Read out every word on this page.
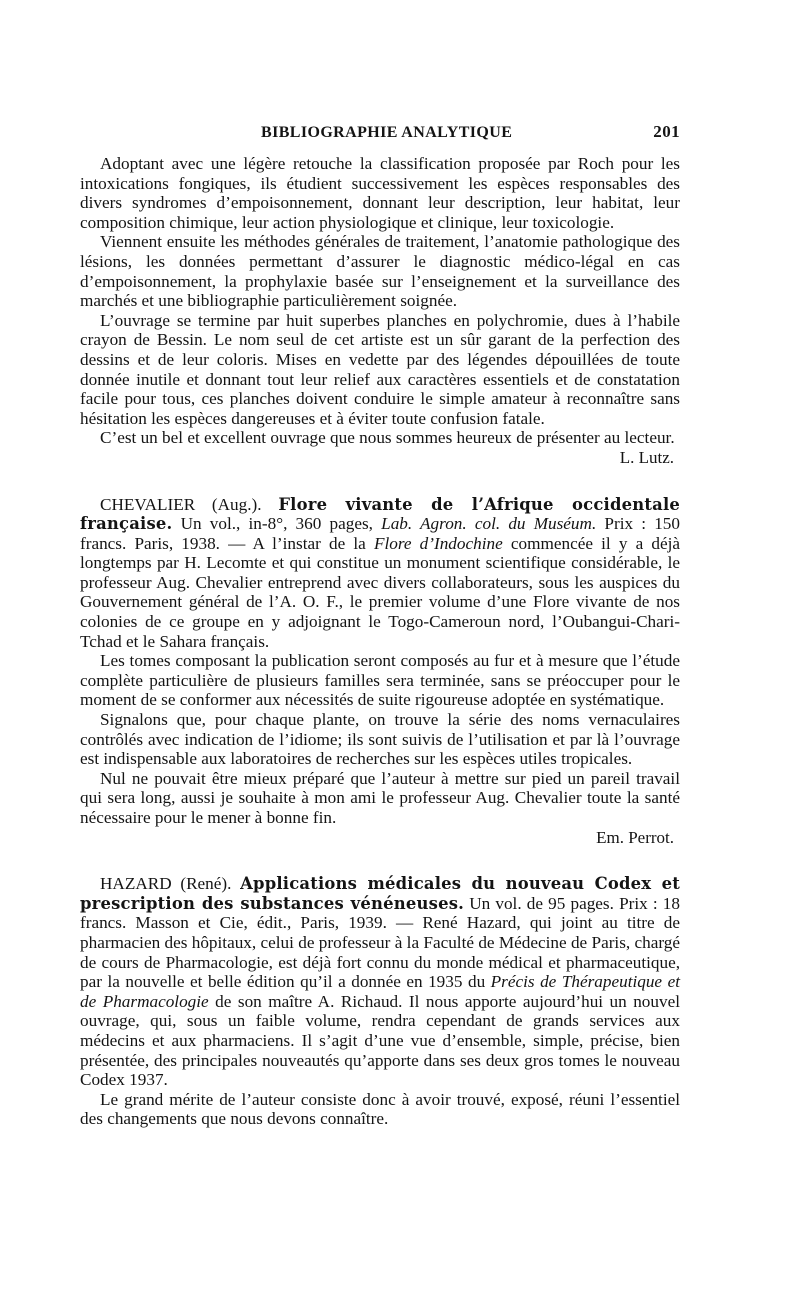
BIBLIOGRAPHIE ANALYTIQUE	201

Adoptant avec une légère retouche la classification proposée par Roch pour les intoxications fongiques, ils étudient successivement les espèces responsables des divers syndromes d’empoisonnement, donnant leur description, leur habitat, leur composition chimique, leur action physiologique et clinique, leur toxicologie.

Viennent ensuite les méthodes générales de traitement, l’anatomie pathologique des lésions, les données permettant d’assurer le diagnostic médico-légal en cas d’empoisonnement, la prophylaxie basée sur l’enseignement et la surveillance des marchés et une bibliographie particulièrement soignée.

L’ouvrage se termine par huit superbes planches en polychromie, dues à l’habile crayon de Bessin. Le nom seul de cet artiste est un sûr garant de la perfection des dessins et de leur coloris. Mises en vedette par des légendes dépouillées de toute donnée inutile et donnant tout leur relief aux caractères essentiels et de constatation facile pour tous, ces planches doivent conduire le simple amateur à reconnaître sans hésitation les espèces dangereuses et à éviter toute confusion fatale.

C’est un bel et excellent ouvrage que nous sommes heureux de présenter au lecteur.

L. Lutz.

CHEVALIER (Aug.). Flore vivante de l’Afrique occidentale française. Un vol., in-8°, 360 pages, Lab. Agron. col. du Muséum. Prix : 150 francs. Paris, 1938. — A l’instar de la Flore d’Indochine commencée il y a déjà longtemps par H. Lecomte et qui constitue un monument scientifique considérable, le professeur Aug. Chevalier entreprend avec divers collaborateurs, sous les auspices du Gouvernement général de l’A. O. F., le premier volume d’une Flore vivante de nos colonies de ce groupe en y adjoignant le Togo-Cameroun nord, l’Oubangui-Chari-Tchad et le Sahara français.

Les tomes composant la publication seront composés au fur et à mesure que l’étude complète particulière de plusieurs familles sera terminée, sans se préoccuper pour le moment de se conformer aux nécessités de suite rigoureuse adoptée en systématique.

Signalons que, pour chaque plante, on trouve la série des noms vernaculaires contrôlés avec indication de l’idiome; ils sont suivis de l’utilisation et par là l’ouvrage est indispensable aux laboratoires de recherches sur les espèces utiles tropicales.

Nul ne pouvait être mieux préparé que l’auteur à mettre sur pied un pareil travail qui sera long, aussi je souhaite à mon ami le professeur Aug. Chevalier toute la santé nécessaire pour le mener à bonne fin.

Em. Perrot.

HAZARD (René). Applications médicales du nouveau Codex et prescription des substances vénéneuses. Un vol. de 95 pages. Prix : 18 francs. Masson et Cie, édit., Paris, 1939. — René Hazard, qui joint au titre de pharmacien des hôpitaux, celui de professeur à la Faculté de Médecine de Paris, chargé de cours de Pharmacologie, est déjà fort connu du monde médical et pharmaceutique, par la nouvelle et belle édition qu’il a donnée en 1935 du Précis de Thérapeutique et de Pharmacologie de son maître A. Richaud. Il nous apporte aujourd’hui un nouvel ouvrage, qui, sous un faible volume, rendra cependant de grands services aux médecins et aux pharmaciens. Il s’agit d’une vue d’ensemble, simple, précise, bien présentée, des principales nouveautés qu’apporte dans ses deux gros tomes le nouveau Codex 1937.

Le grand mérite de l’auteur consiste donc à avoir trouvé, exposé, réuni l’essentiel des changements que nous devons connaître.
